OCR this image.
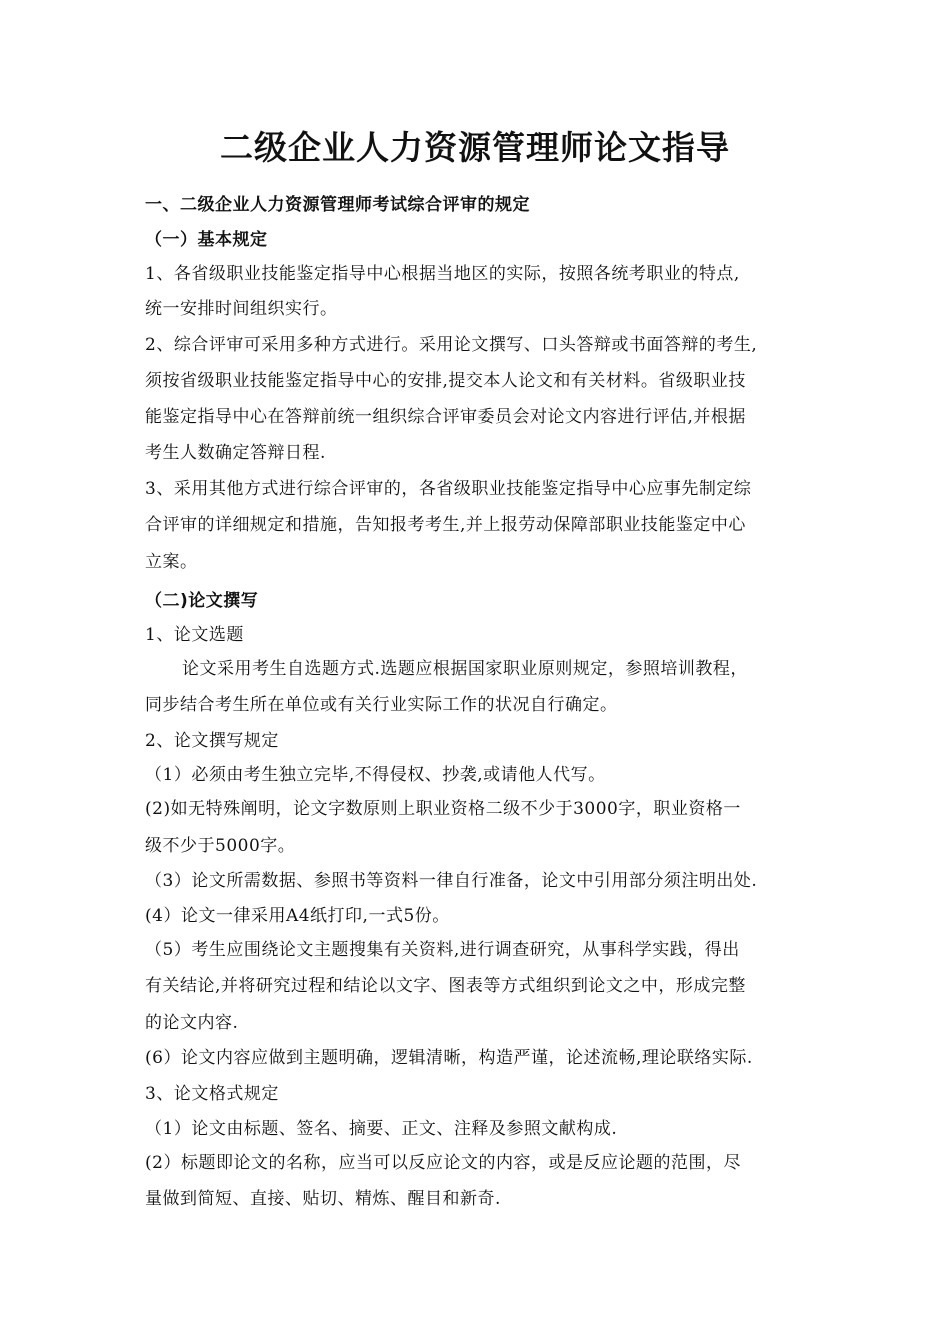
二级企业人力资源管理师论文指导
一、二级企业人力资源管理师考试综合评审的规定
（一）基本规定
1、各省级职业技能鉴定指导中心根据当地区的实际，按照各统考职业的特点,
统一安排时间组织实行。
2、综合评审可采用多种方式进行。采用论文撰写、口头答辩或书面答辩的考生,
须按省级职业技能鉴定指导中心的安排,提交本人论文和有关材料。省级职业技
能鉴定指导中心在答辩前统一组织综合评审委员会对论文内容进行评估,并根据
考生人数确定答辩日程.
3、采用其他方式进行综合评审的，各省级职业技能鉴定指导中心应事先制定综
合评审的详细规定和措施，告知报考考生,并上报劳动保障部职业技能鉴定中心
立案。
（二)论文撰写
1、论文选题
论文采用考生自选题方式.选题应根据国家职业原则规定，参照培训教程，
同步结合考生所在单位或有关行业实际工作的状况自行确定。
2、论文撰写规定
（1）必须由考生独立完毕,不得侵权、抄袭,或请他人代写。
(2)如无特殊阐明，论文字数原则上职业资格二级不少于3000字，职业资格一
级不少于5000字。
（3）论文所需数据、参照书等资料一律自行准备，论文中引用部分须注明出处.
(4）论文一律采用A4纸打印,一式5份。
（5）考生应围绕论文主题搜集有关资料,进行调查研究，从事科学实践，得出
有关结论,并将研究过程和结论以文字、图表等方式组织到论文之中，形成完整
的论文内容.
(6）论文内容应做到主题明确，逻辑清晰，构造严谨，论述流畅,理论联络实际.
3、论文格式规定
（1）论文由标题、签名、摘要、正文、注释及参照文献构成.
(2）标题即论文的名称，应当可以反应论文的内容，或是反应论题的范围，尽
量做到简短、直接、贴切、精炼、醒目和新奇.
